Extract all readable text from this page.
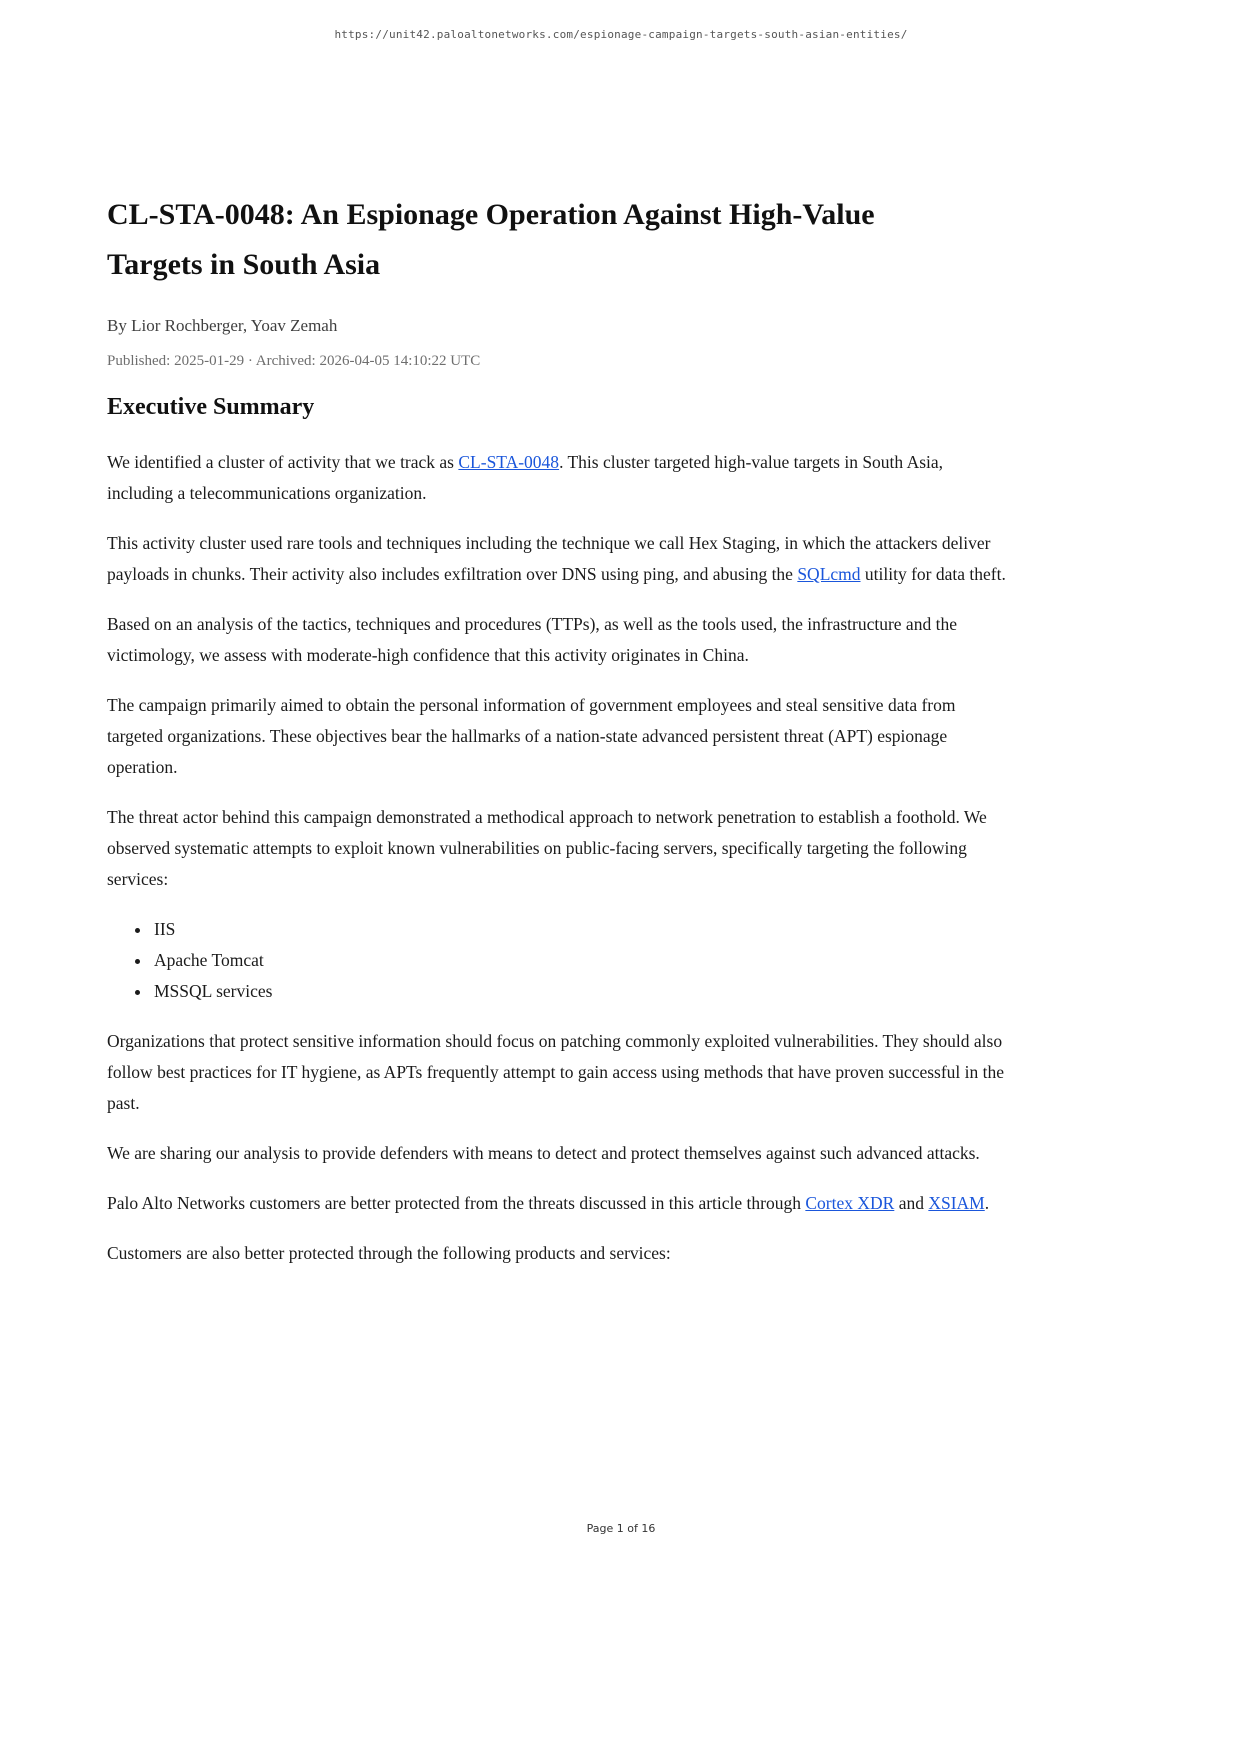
https://unit42.paloaltonetworks.com/espionage-campaign-targets-south-asian-entities/
CL-STA-0048: An Espionage Operation Against High-Value
Targets in South Asia

By Lior Rochberger, Yoav Zemah

Published: 2025-01-29 · Archived: 2026-04-05 14:10:22 UTC

Executive Summary

We identified a cluster of activity that we track as CL-STA-0048. This cluster targeted high-value targets in South Asia, including a telecommunications organization.

This activity cluster used rare tools and techniques including the technique we call Hex Staging, in which the attackers deliver payloads in chunks. Their activity also includes exfiltration over DNS using ping, and abusing the SQLcmd utility for data theft.

Based on an analysis of the tactics, techniques and procedures (TTPs), as well as the tools used, the infrastructure and the victimology, we assess with moderate-high confidence that this activity originates in China.

The campaign primarily aimed to obtain the personal information of government employees and steal sensitive data from targeted organizations. These objectives bear the hallmarks of a nation-state advanced persistent threat (APT) espionage operation.

The threat actor behind this campaign demonstrated a methodical approach to network penetration to establish a foothold. We observed systematic attempts to exploit known vulnerabilities on public-facing servers, specifically targeting the following services:

• IIS
• Apache Tomcat
• MSSQL services

Organizations that protect sensitive information should focus on patching commonly exploited vulnerabilities. They should also follow best practices for IT hygiene, as APTs frequently attempt to gain access using methods that have proven successful in the past.

We are sharing our analysis to provide defenders with means to detect and protect themselves against such advanced attacks.

Palo Alto Networks customers are better protected from the threats discussed in this article through Cortex XDR and XSIAM.

Customers are also better protected through the following products and services:

Page 1 of 16
